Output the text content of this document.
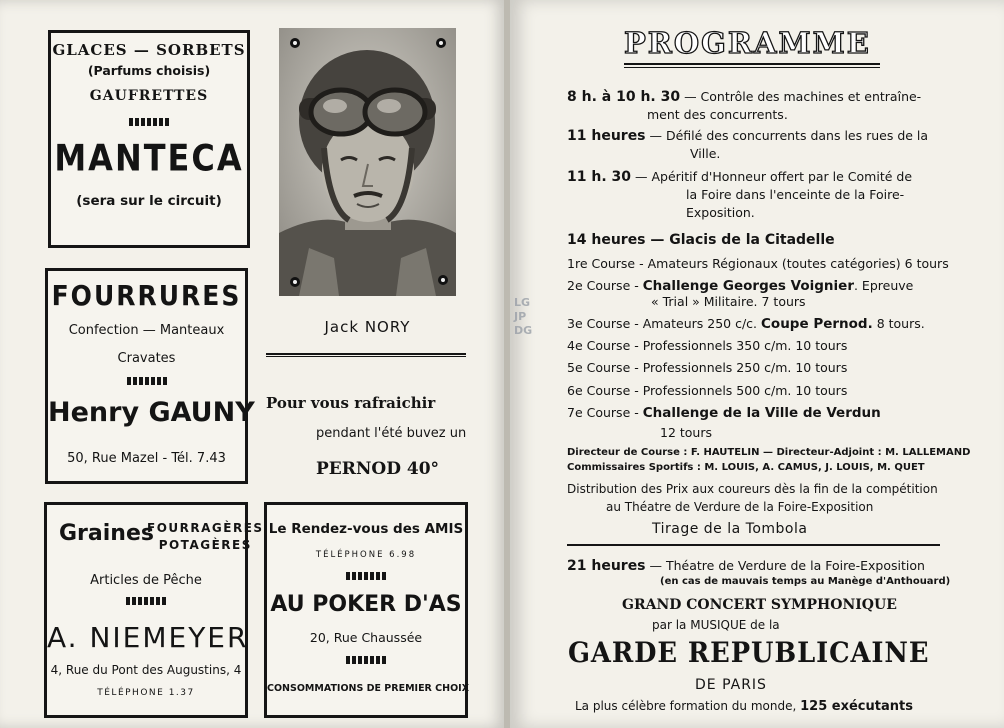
GLACES — SORBETS
(Parfums choisis)
GAUFRETTES
MANTECA
(sera sur le circuit)
FOURRURES
Confection — Manteaux
Cravates
Henry GAUNY
50, Rue Mazel - Tél. 7.43
Graines
FOURRAGÈRES
POTAGÈRES
Articles de Pêche
A. NIEMEYER
4, Rue du Pont des Augustins, 4
TÉLÉPHONE 1.37
Jack NORY
Pour vous rafraichir
pendant l'été buvez un
PERNOD 40°
Le Rendez-vous des AMIS
TÉLÉPHONE 6.98
AU POKER D'AS
20, Rue Chaussée
CONSOMMATIONS DE PREMIER CHOIX
LG
JP
DG
PROGRAMME
8 h. à 10 h. 30 — Contrôle des machines et entraîne-
ment des concurrents.
11 heures — Défilé des concurrents dans les rues de la
Ville.
11 h. 30 — Apéritif d'Honneur offert par le Comité de
la Foire dans l'enceinte de la Foire-
Exposition.
14 heures — Glacis de la Citadelle
1re Course - Amateurs Régionaux (toutes catégories) 6 tours
2e Course - Challenge Georges Voignier. Epreuve
« Trial » Militaire. 7 tours
3e Course - Amateurs 250 c/c. Coupe Pernod. 8 tours.
4e Course - Professionnels 350 c/m. 10 tours
5e Course - Professionnels 250 c/m. 10 tours
6e Course - Professionnels 500 c/m. 10 tours
7e Course - Challenge de la Ville de Verdun
12 tours
Directeur de Course : F. HAUTELIN — Directeur-Adjoint : M. LALLEMAND
Commissaires Sportifs : M. LOUIS, A. CAMUS, J. LOUIS, M. QUET
Distribution des Prix aux coureurs dès la fin de la compétition
au Théatre de Verdure de la Foire-Exposition
Tirage de la Tombola
21 heures — Théatre de Verdure de la Foire-Exposition
(en cas de mauvais temps au Manège d'Anthouard)
GRAND CONCERT SYMPHONIQUE
par la MUSIQUE de la
GARDE REPUBLICAINE
DE PARIS
La plus célèbre formation du monde, 125 exécutants
